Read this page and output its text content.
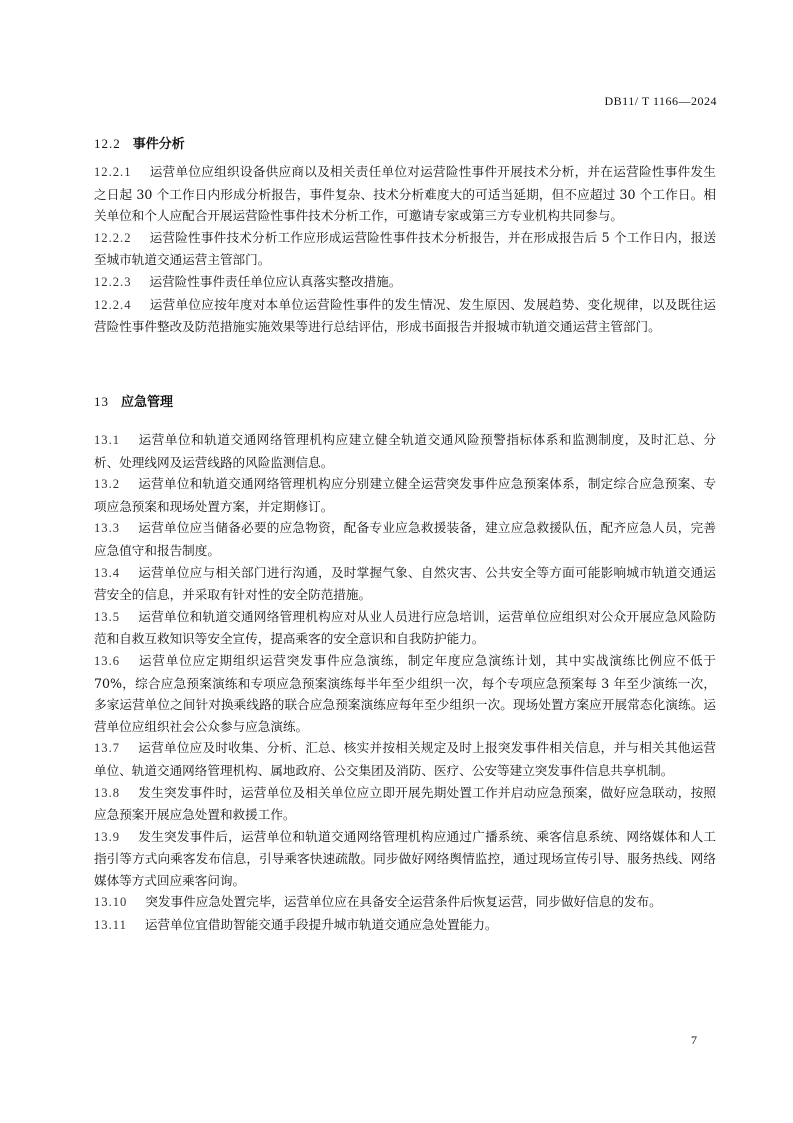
DB11/ T 1166—2024
12.2 事件分析

12.2.1 运营单位应组织设备供应商以及相关责任单位对运营险性事件开展技术分析，并在运营险性事件发生之日起 30 个工作日内形成分析报告，事件复杂、技术分析难度大的可适当延期，但不应超过 30 个工作日。相关单位和个人应配合开展运营险性事件技术分析工作，可邀请专家或第三方专业机构共同参与。

12.2.2 运营险性事件技术分析工作应形成运营险性事件技术分析报告，并在形成报告后 5 个工作日内，报送至城市轨道交通运营主管部门。

12.2.3 运营险性事件责任单位应认真落实整改措施。

12.2.4 运营单位应按年度对本单位运营险性事件的发生情况、发生原因、发展趋势、变化规律，以及既往运营险性事件整改及防范措施实施效果等进行总结评估，形成书面报告并报城市轨道交通运营主管部门。

13 应急管理

13.1 运营单位和轨道交通网络管理机构应建立健全轨道交通风险预警指标体系和监测制度，及时汇总、分析、处理线网及运营线路的风险监测信息。

13.2 运营单位和轨道交通网络管理机构应分别建立健全运营突发事件应急预案体系，制定综合应急预案、专项应急预案和现场处置方案，并定期修订。

13.3 运营单位应当储备必要的应急物资，配备专业应急救援装备，建立应急救援队伍，配齐应急人员，完善应急值守和报告制度。

13.4 运营单位应与相关部门进行沟通，及时掌握气象、自然灾害、公共安全等方面可能影响城市轨道交通运营安全的信息，并采取有针对性的安全防范措施。

13.5 运营单位和轨道交通网络管理机构应对从业人员进行应急培训，运营单位应组织对公众开展应急风险防范和自救互救知识等安全宣传，提高乘客的安全意识和自我防护能力。

13.6 运营单位应定期组织运营突发事件应急演练，制定年度应急演练计划，其中实战演练比例应不低于 70%，综合应急预案演练和专项应急预案演练每半年至少组织一次，每个专项应急预案每 3 年至少演练一次，多家运营单位之间针对换乘线路的联合应急预案演练应每年至少组织一次。现场处置方案应开展常态化演练。运营单位应组织社会公众参与应急演练。

13.7 运营单位应及时收集、分析、汇总、核实并按相关规定及时上报突发事件相关信息，并与相关其他运营单位、轨道交通网络管理机构、属地政府、公交集团及消防、医疗、公安等建立突发事件信息共享机制。

13.8 发生突发事件时，运营单位及相关单位应立即开展先期处置工作并启动应急预案，做好应急联动，按照应急预案开展应急处置和救援工作。

13.9 发生突发事件后，运营单位和轨道交通网络管理机构应通过广播系统、乘客信息系统、网络媒体和人工指引等方式向乘客发布信息，引导乘客快速疏散。同步做好网络舆情监控，通过现场宣传引导、服务热线、网络媒体等方式回应乘客问询。

13.10 突发事件应急处置完毕，运营单位应在具备安全运营条件后恢复运营，同步做好信息的发布。

13.11 运营单位宜借助智能交通手段提升城市轨道交通应急处置能力。

7
